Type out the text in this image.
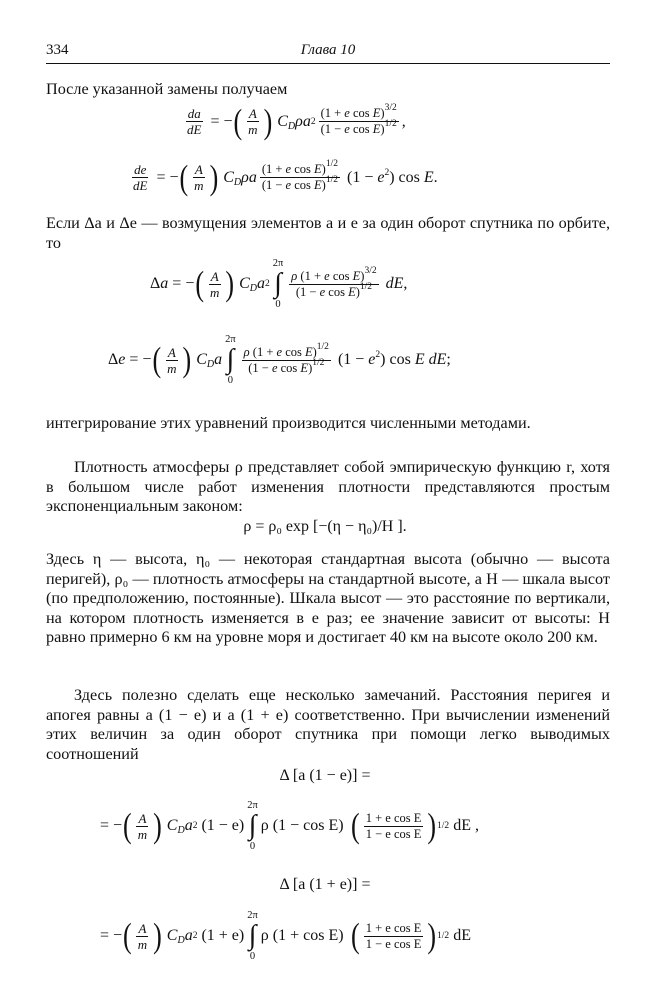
334	Глава 10

После указанной замены получаем

$\frac{da}{dE}$ = − ( $\frac{A}{m}$ )
$C_D\rho a$ $2 \frac{(1 + e \cos E)^{3/2}}{(1 - e \cos E)^{1/2}}$ ,
$\frac{de}{dE}$ = − ( $\frac{A}{m}$ )
$C_D\rho a \frac{(1 + e \cos E)^{1/2}}{(1 - e \cos E)^{1/2}} (1 - e^2)$ cos E.

Если Δa и Δe — возмущения элементов a и e за один оборот спутника по орбите, то

Δa = − ( $\frac{A}{m}$ )
$C_Da$ 2
2π
∫
0
$\frac{\rho (1 + e \cos E)^{3/2}}{(1 - e \cos E)^{1/2}}$ dE,
Δe = − ( $\frac{A}{m}$ )
$C_Da$
2π
∫
0
$\frac{\rho (1 + e \cos E)^{1/2}}{(1 - e \cos E)^{1/2}} (1 - e^2)$ cos E dE;

интегрирование этих уравнений производится численными методами.

Плотность атмосферы ρ представляет собой эмпирическую функцию r, хотя в большом числе работ изменения плотности представляются простым экспоненциальным законом:

ρ = ρ₀ exp [−(η − η₀)/H ].

Здесь η — высота, η₀ — некоторая стандартная высота (обычно — высота перигей), ρ₀ — плотность атмосферы на стандартной высоте, а H — шкала высот (по предположению, постоянные). Шкала высот — это расстояние по вертикали, на котором плотность изменяется в e раз; ее значение зависит от высоты: H равно примерно 6 км на уровне моря и достигает 40 км на высоте около 200 км.

Здесь полезно сделать еще несколько замечаний. Расстояния перигея и апогея равны a (1 − e) и a (1 + e) соответственно. При вычислении изменений этих величин за один оборот спутника при помощи легко выводимых соотношений

Δ [a (1 − e)] =
= − ( $\frac{A}{m}$ )
$C_Da$ 2
(1 − e)
2π
∫
0
ρ (1 − cos E) ( $\frac{\text{1 + e cos E}}{\text{1 − e cos E}}$ ) 1/2
dE ,
Δ [a (1 + e)] =
= − ( $\frac{A}{m}$ )
$C_Da$ 2
(1 + e)
2π
∫
0
ρ (1 + cos E) ( $\frac{\text{1 + e cos E}}{\text{1 − e cos E}}$ ) 1/2
dE
